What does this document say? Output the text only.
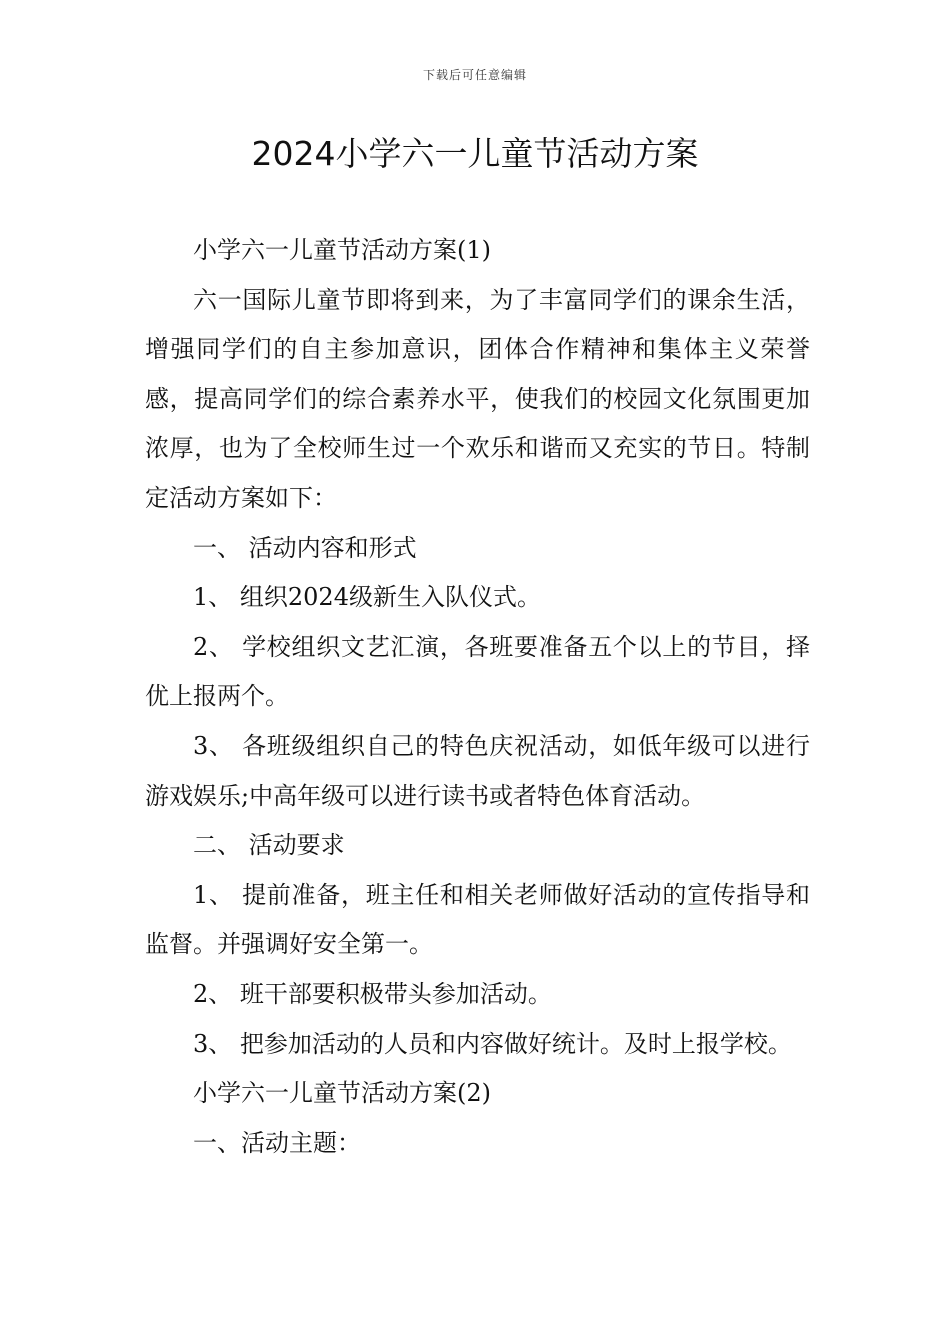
下载后可任意编辑
2024小学六一儿童节活动方案

小学六一儿童节活动方案(1)

六一国际儿童节即将到来，为了丰富同学们的课余生活，增强同学们的自主参加意识，团体合作精神和集体主义荣誉感，提高同学们的综合素养水平，使我们的校园文化氛围更加浓厚，也为了全校师生过一个欢乐和谐而又充实的节日。特制定活动方案如下：

一、 活动内容和形式

1、 组织2024级新生入队仪式。

2、 学校组织文艺汇演，各班要准备五个以上的节目，择优上报两个。

3、 各班级组织自己的特色庆祝活动，如低年级可以进行游戏娱乐;中高年级可以进行读书或者特色体育活动。

二、 活动要求

1、 提前准备，班主任和相关老师做好活动的宣传指导和监督。并强调好安全第一。

2、 班干部要积极带头参加活动。

3、 把参加活动的人员和内容做好统计。及时上报学校。

小学六一儿童节活动方案(2)

一、活动主题：
